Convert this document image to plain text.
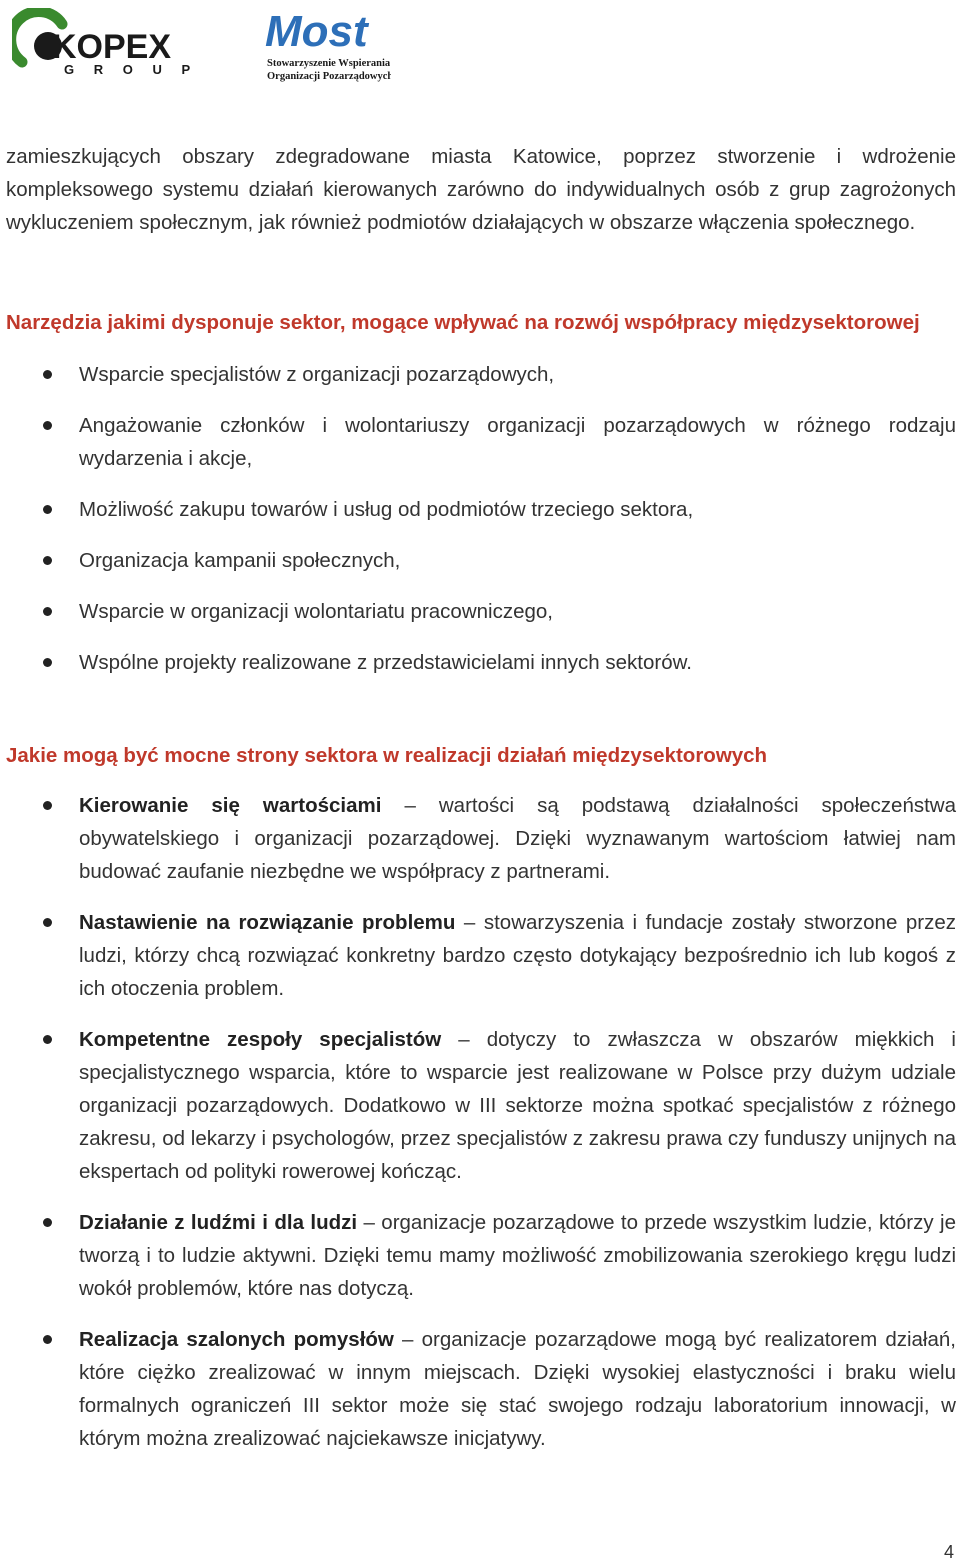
KOPEX
G R O U P
Most
Stowarzyszenie Wspierania
Organizacji Pozarządowych

zamieszkujących obszary zdegradowane miasta Katowice, poprzez stworzenie i wdrożenie kompleksowego systemu działań kierowanych zarówno do indywidualnych osób z grup zagrożonych wykluczeniem społecznym, jak również podmiotów działających w obszarze włączenia społecznego.

Narzędzia jakimi dysponuje sektor, mogące wpływać na rozwój współpracy międzysektorowej

Wsparcie specjalistów z organizacji pozarządowych,
Angażowanie członków i wolontariuszy organizacji pozarządowych w różnego rodzaju wydarzenia i akcje,
Możliwość zakupu towarów i usług od podmiotów trzeciego sektora,
Organizacja kampanii społecznych,
Wsparcie w organizacji wolontariatu pracowniczego,
Wspólne projekty realizowane z przedstawicielami innych sektorów.

Jakie mogą być mocne strony sektora w realizacji działań międzysektorowych

Kierowanie się wartościami – wartości są podstawą działalności społeczeństwa obywatelskiego i organizacji pozarządowej. Dzięki wyznawanym wartościom łatwiej nam budować zaufanie niezbędne we współpracy z partnerami.
Nastawienie na rozwiązanie problemu – stowarzyszenia i fundacje zostały stworzone przez ludzi, którzy chcą rozwiązać konkretny bardzo często dotykający bezpośrednio ich lub kogoś z ich otoczenia problem.
Kompetentne zespoły specjalistów – dotyczy to zwłaszcza w obszarów miękkich i specjalistycznego wsparcia, które to wsparcie jest realizowane w Polsce przy dużym udziale organizacji pozarządowych. Dodatkowo w III sektorze można spotkać specjalistów z różnego zakresu, od lekarzy i psychologów, przez specjalistów z zakresu prawa czy funduszy unijnych na ekspertach od polityki rowerowej kończąc.
Działanie z ludźmi i dla ludzi – organizacje pozarządowe to przede wszystkim ludzie, którzy je tworzą i to ludzie aktywni. Dzięki temu mamy możliwość zmobilizowania szerokiego kręgu ludzi wokół problemów, które nas dotyczą.
Realizacja szalonych pomysłów – organizacje pozarządowe mogą być realizatorem działań, które ciężko zrealizować w innym miejscach. Dzięki wysokiej elastyczności i braku wielu formalnych ograniczeń III sektor może się stać swojego rodzaju laboratorium innowacji, w którym można zrealizować najciekawsze inicjatywy.
4
